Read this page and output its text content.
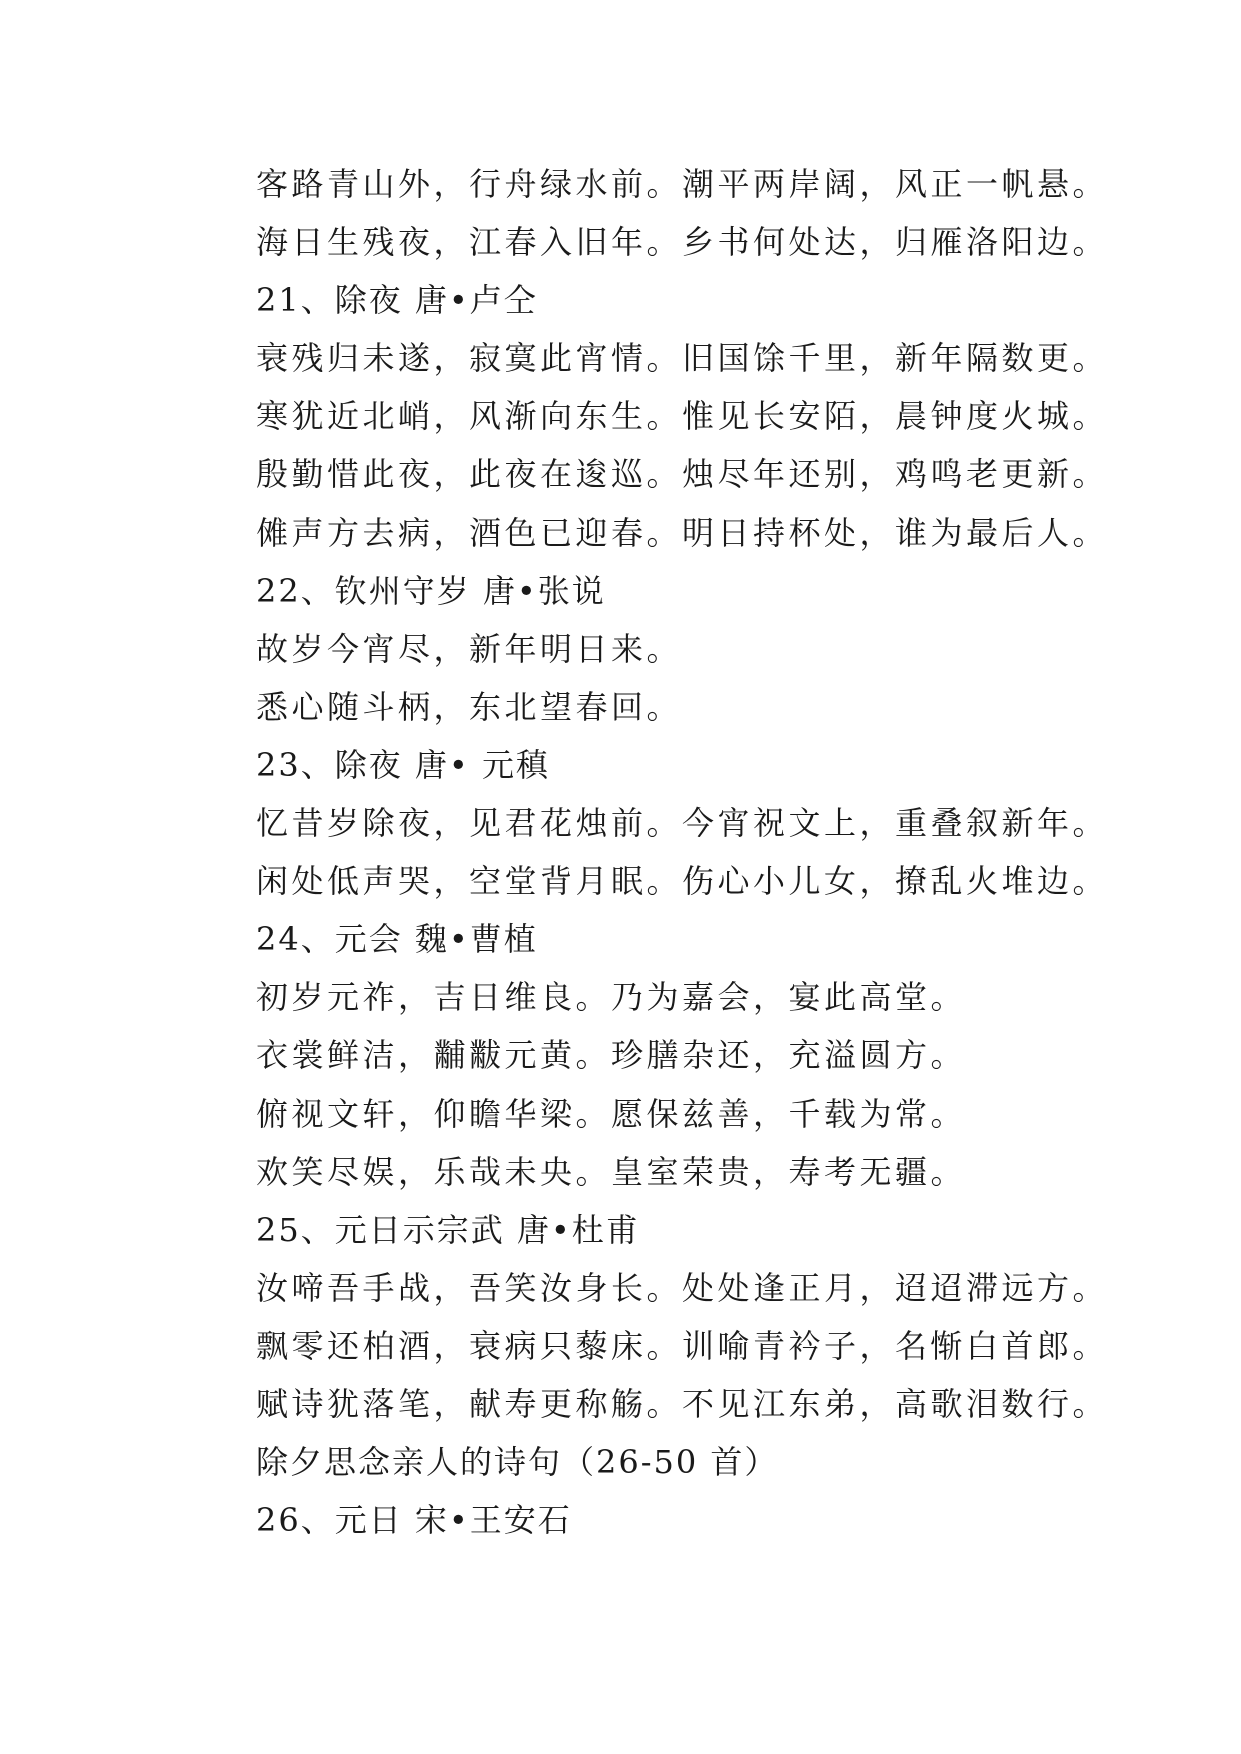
客路青山外，行舟绿水前。潮平两岸阔，风正一帆悬。
海日生残夜，江春入旧年。乡书何处达，归雁洛阳边。
21、除夜 唐•卢仝
衰残归未遂，寂寞此宵情。旧国馀千里，新年隔数更。
寒犹近北峭，风渐向东生。惟见长安陌，晨钟度火城。
殷勤惜此夜，此夜在逡巡。烛尽年还别，鸡鸣老更新。
傩声方去病，酒色已迎春。明日持杯处，谁为最后人。
22、钦州守岁 唐•张说
故岁今宵尽，新年明日来。
悉心随斗柄，东北望春回。
23、除夜 唐• 元稹
忆昔岁除夜，见君花烛前。今宵祝文上，重叠叙新年。
闲处低声哭，空堂背月眠。伤心小儿女，撩乱火堆边。
24、元会 魏•曹植
初岁元祚，吉日维良。乃为嘉会，宴此高堂。
衣裳鲜洁，黼黻元黄。珍膳杂还，充溢圆方。
俯视文轩，仰瞻华梁。愿保兹善，千载为常。
欢笑尽娱，乐哉未央。皇室荣贵，寿考无疆。
25、元日示宗武 唐•杜甫
汝啼吾手战，吾笑汝身长。处处逢正月，迢迢滞远方。
飘零还柏酒，衰病只藜床。训喻青衿子，名惭白首郎。
赋诗犹落笔，献寿更称觞。不见江东弟，高歌泪数行。
除夕思念亲人的诗句（26-50 首）
26、元日 宋•王安石
